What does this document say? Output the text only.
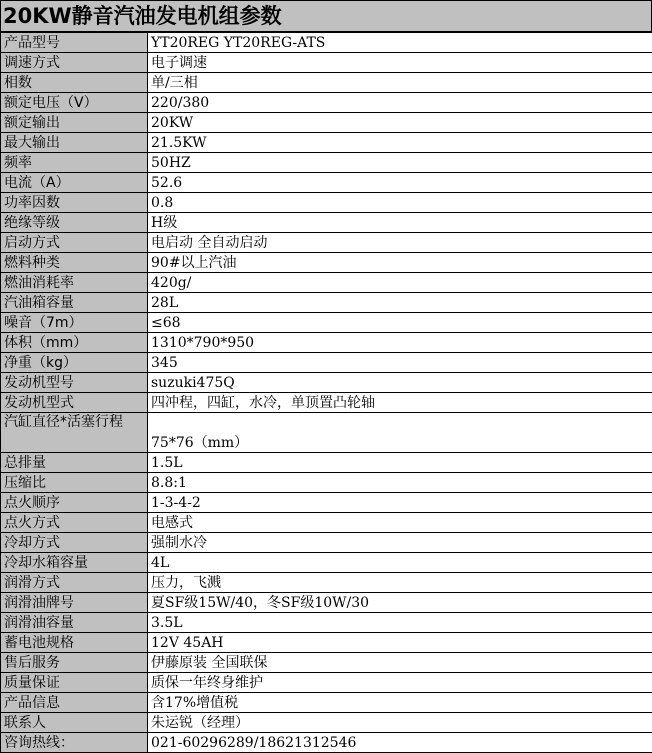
20KW静音汽油发电机组参数
产品型号	YT20REG YT20REG-ATS
调速方式	电子调速
相数	单/三相
额定电压（V）	220/380
额定输出	20KW
最大输出	21.5KW
频率	50HZ
电流（A）	52.6
功率因数	0.8
绝缘等级	H级
启动方式	电启动 全自动启动
燃料种类	90#以上汽油
燃油消耗率	420g/
汽油箱容量	28L
噪音（7m）	≤68
体积（mm）	1310*790*950
净重（kg）	345
发动机型号	suzuki475Q
发动机型式	四冲程，四缸，水冷，单顶置凸轮轴
汽缸直径*活塞行程	75*76（mm）
总排量	1.5L
压缩比	8.8:1
点火顺序	1-3-4-2
点火方式	电感式
冷却方式	强制水冷
冷却水箱容量	4L
润滑方式	压力，飞溅
润滑油牌号	夏SF级15W/40，冬SF级10W/30
润滑油容量	3.5L
蓄电池规格	12V 45AH
售后服务	伊藤原装 全国联保
质量保证	质保一年终身维护
产品信息	含17%增值税
联系人	朱运锐（经理）
咨询热线：	021-60296289/18621312546
